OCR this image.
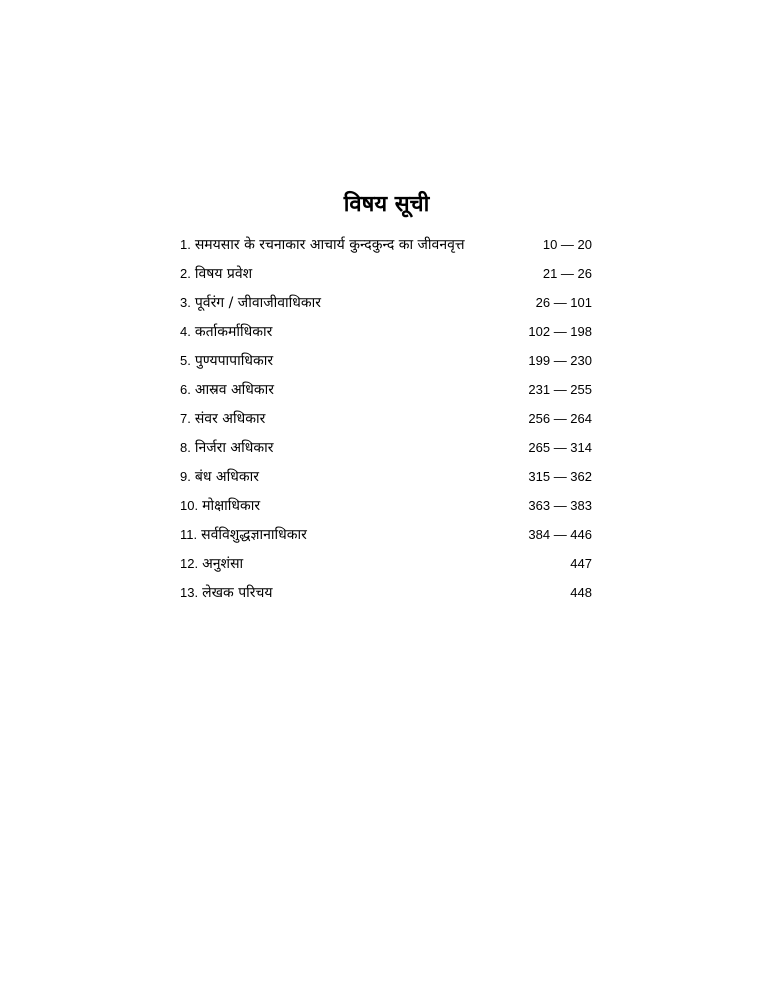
विषय सूची
1. समयसार के रचनाकार आचार्य कुन्दकुन्द का जीवनवृत्त	10 — 20
2. विषय प्रवेश	21 — 26
3. पूर्वरंग / जीवाजीवाधिकार	26 — 101
4. कर्ताकर्माधिकार	102 — 198
5. पुण्यपापाधिकार	199 — 230
6. आस्रव अधिकार	231 — 255
7. संवर अधिकार	256 — 264
8. निर्जरा अधिकार	265 — 314
9. बंध अधिकार	315 — 362
10. मोक्षाधिकार	363 — 383
11. सर्वविशुद्धज्ञानाधिकार	384 — 446
12. अनुशंसा	447
13. लेखक परिचय	448
